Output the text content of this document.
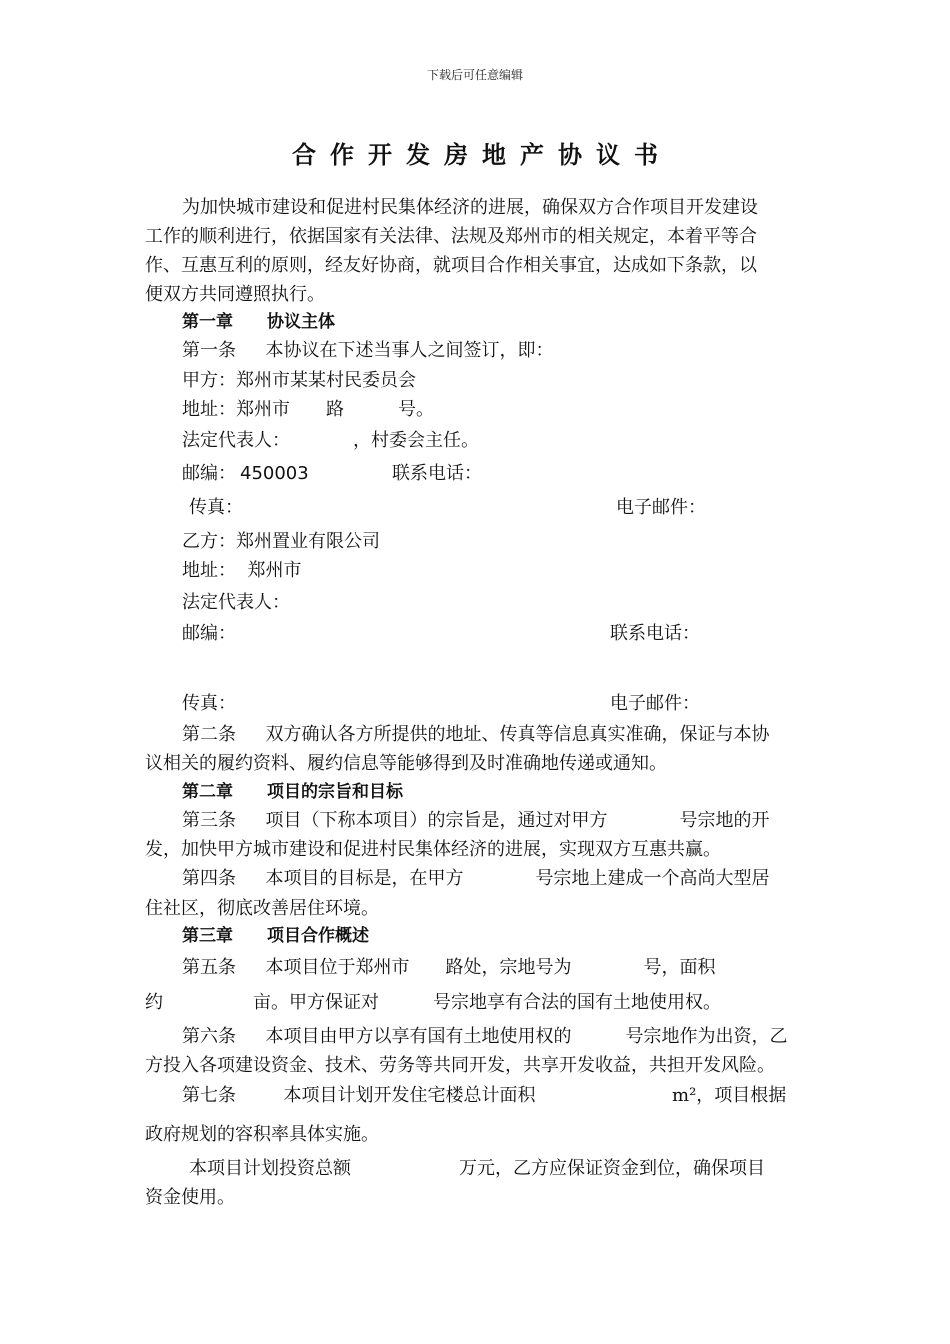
下载后可任意编辑
合作开发房地产协议书
为加快城市建设和促进村民集体经济的进展，确保双方合作项目开发建设
工作的顺利进行，依据国家有关法律、法规及郑州市的相关规定，本着平等合
作、互惠互利的原则，经友好协商，就项目合作相关事宜，达成如下条款，以
便双方共同遵照执行。
第一章　　协议主体
第一条　  本协议在下述当事人之间签订，即：
甲方：郑州市某某村民委员会
地址：郑州市　　路　　　号。
法定代表人：　　　　，村委会主任。
邮编： 450003	联系电话：
传真：	电子邮件：
乙方：郑州置业有限公司
地址：  郑州市
法定代表人：
邮编：	联系电话：
传真：	电子邮件：
第二条　  双方确认各方所提供的地址、传真等信息真实准确，保证与本协
议相关的履约资料、履约信息等能够得到及时准确地传递或通知。
第二章　　项目的宗旨和目标
第三条　  项目（下称本项目）的宗旨是，通过对甲方　　　　号宗地的开
发，加快甲方城市建设和促进村民集体经济的进展，实现双方互惠共赢。
第四条　  本项目的目标是，在甲方　　　　号宗地上建成一个高尚大型居
住社区，彻底改善居住环境。
第三章　　项目合作概述
第五条　  本项目位于郑州市　　路处，宗地号为　　　　号，面积
约　　　　　亩。甲方保证对　　　号宗地享有合法的国有土地使用权。
第六条　  本项目由甲方以享有国有土地使用权的　　　号宗地作为出资，乙
方投入各项建设资金、技术、劳务等共同开发，共享开发收益，共担开发风险。
第七条　　  本项目计划开发住宅楼总计面积	m²，项目根据
政府规划的容积率具体实施。
本项目计划投资总额　　　　　　万元，乙方应保证资金到位，确保项目
资金使用。
